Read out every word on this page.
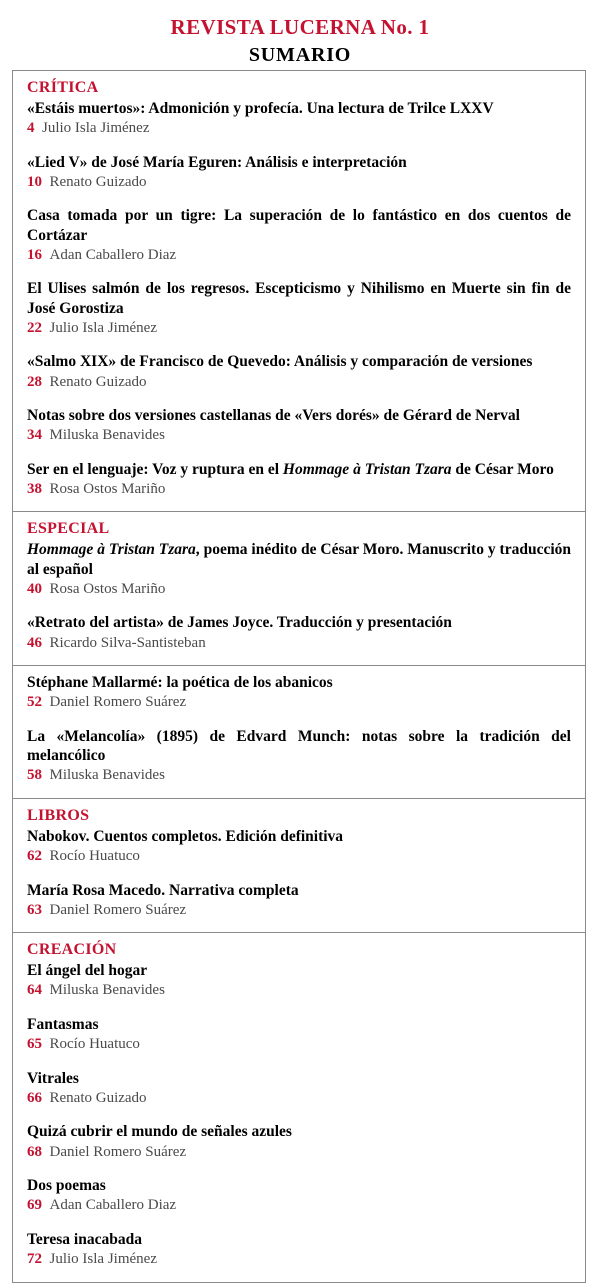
REVISTA LUCERNA No. 1
SUMARIO
CRÍTICA
«Estáis muertos»: Admonición y profecía. Una lectura de Trilce LXXV
4 Julio Isla Jiménez
«Lied V» de José María Eguren: Análisis e interpretación
10 Renato Guizado
Casa tomada por un tigre: La superación de lo fantástico en dos cuentos de Cortázar
16 Adan Caballero Diaz
El Ulises salmón de los regresos. Escepticismo y Nihilismo en Muerte sin fin de José Gorostiza
22 Julio Isla Jiménez
«Salmo XIX» de Francisco de Quevedo: Análisis y comparación de versiones
28 Renato Guizado
Notas sobre dos versiones castellanas de «Vers dorés» de Gérard de Nerval
34 Miluska Benavides
Ser en el lenguaje: Voz y ruptura en el Hommage à Tristan Tzara de César Moro
38 Rosa Ostos Mariño
ESPECIAL
Hommage à Tristan Tzara, poema inédito de César Moro. Manuscrito y traducción al español
40 Rosa Ostos Mariño
«Retrato del artista» de James Joyce. Traducción y presentación
46 Ricardo Silva-Santisteban
Stéphane Mallarmé: la poética de los abanicos
52 Daniel Romero Suárez
La «Melancolía» (1895) de Edvard Munch: notas sobre la tradición del melancólico
58 Miluska Benavides
LIBROS
Nabokov. Cuentos completos. Edición definitiva
62 Rocío Huatuco
María Rosa Macedo. Narrativa completa
63 Daniel Romero Suárez
CREACIÓN
El ángel del hogar
64 Miluska Benavides
Fantasmas
65 Rocío Huatuco
Vitrales
66 Renato Guizado
Quizá cubrir el mundo de señales azules
68 Daniel Romero Suárez
Dos poemas
69 Adan Caballero Diaz
Teresa inacabada
72 Julio Isla Jiménez
